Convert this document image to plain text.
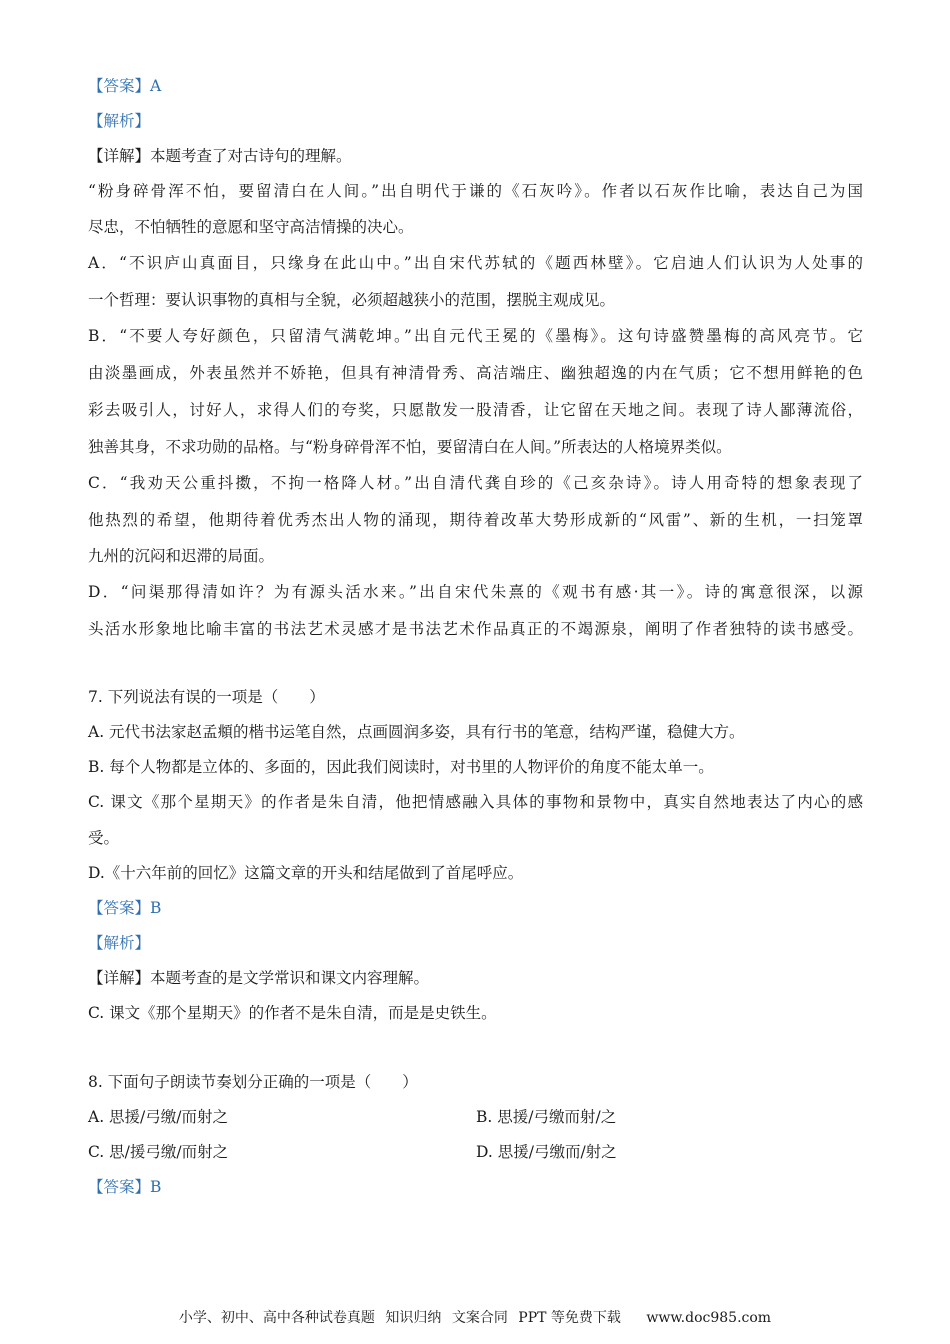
【答案】A
【解析】
【详解】本题考查了对古诗句的理解。
“粉身碎骨浑不怕，要留清白在人间。”出自明代于谦的《石灰吟》。作者以石灰作比喻，表达自己为国
尽忠，不怕牺牲的意愿和坚守高洁情操的决心。
A．“不识庐山真面目，只缘身在此山中。”出自宋代苏轼的《题西林壁》。它启迪人们认识为人处事的
一个哲理：要认识事物的真相与全貌，必须超越狭小的范围，摆脱主观成见。
B．“不要人夸好颜色，只留清气满乾坤。”出自元代王冕的《墨梅》。这句诗盛赞墨梅的高风亮节。它
由淡墨画成，外表虽然并不娇艳，但具有神清骨秀、高洁端庄、幽独超逸的内在气质；它不想用鲜艳的色
彩去吸引人，讨好人，求得人们的夸奖，只愿散发一股清香，让它留在天地之间。表现了诗人鄙薄流俗，
独善其身，不求功勋的品格。与“粉身碎骨浑不怕，要留清白在人间。”所表达的人格境界类似。
C．“我劝天公重抖擞，不拘一格降人材。”出自清代龚自珍的《己亥杂诗》。诗人用奇特的想象表现了
他热烈的希望，他期待着优秀杰出人物的涌现，期待着改革大势形成新的“风雷”、新的生机，一扫笼罩
九州的沉闷和迟滞的局面。
D．“问渠那得清如许？为有源头活水来。”出自宋代朱熹的《观书有感·其一》。诗的寓意很深，以源
头活水形象地比喻丰富的书法艺术灵感才是书法艺术作品真正的不竭源泉，阐明了作者独特的读书感受。
7. 下列说法有误的一项是（　　）
A. 元代书法家赵孟頫的楷书运笔自然，点画圆润多姿，具有行书的笔意，结构严谨，稳健大方。
B. 每个人物都是立体的、多面的，因此我们阅读时，对书里的人物评价的角度不能太单一。
C. 课文《那个星期天》的作者是朱自清，他把情感融入具体的事物和景物中，真实自然地表达了内心的感
受。
D.《十六年前的回忆》这篇文章的开头和结尾做到了首尾呼应。
【答案】B
【解析】
【详解】本题考查的是文学常识和课文内容理解。
C. 课文《那个星期天》的作者不是朱自清，而是是史铁生。
8. 下面句子朗读节奏划分正确的一项是（　　）
A. 思援/弓缴/而射之	B. 思援/弓缴而射/之
C. 思/援弓缴/而射之	D. 思援/弓缴而/射之
【答案】B
小学、初中、高中各种试卷真题 知识归纳 文案合同 PPT 等免费下载 www.doc985.com
